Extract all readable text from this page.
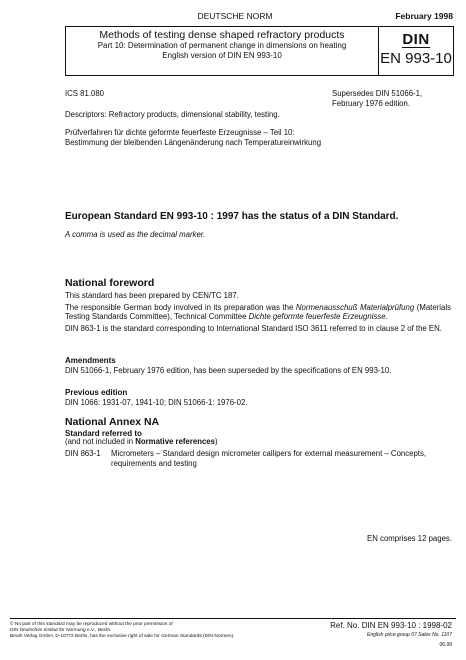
DEUTSCHE NORM	February 1998
Methods of testing dense shaped refractory products
Part 10: Determination of permanent change in dimensions on heating
English version of DIN EN 993-10
DIN
EN 993-10
ICS 81.080	Supersedes DIN 51066-1, February 1976 edition.
Descriptors: Refractory products, dimensional stability, testing.
Prüfverfahren für dichte geformte feuerfeste Erzeugnisse – Teil 10: Bestimmung der bleibenden Längenänderung nach Temperatureinwirkung
European Standard EN 993-10 : 1997 has the status of a DIN Standard.
A comma is used as the decimal marker.
National foreword

This standard has been prepared by CEN/TC 187.

The responsible German body involved in its preparation was the Normenausschuß Materialprüfung (Materials Testing Standards Committee), Technical Committee Dichte geformte feuerfeste Erzeugnisse.

DIN 863-1 is the standard corresponding to International Standard ISO 3611 referred to in clause 2 of the EN.

Amendments
DIN 51066-1, February 1976 edition, has been superseded by the specifications of EN 993-10.
Previous edition
DIN 1066: 1931-07, 1941-10; DIN 51066-1: 1976-02.
National Annex NA
Standard referred to
(and not included in Normative references)
DIN 863-1	Micrometers – Standard design micrometer callipers for external measurement – Concepts, requirements and testing
EN comprises 12 pages.
© No part of this standard may be reproduced without the prior permission of
DIN Deutsches Institut für Normung e.V., Berlin.
Beuth Verlag GmbH, D-10772 Berlin, has the exclusive right of sale for German Standards (DIN-Normen).
Ref. No. DIN EN 993-10 : 1998-02
English price group 07 Sales No. 1107
06.98
